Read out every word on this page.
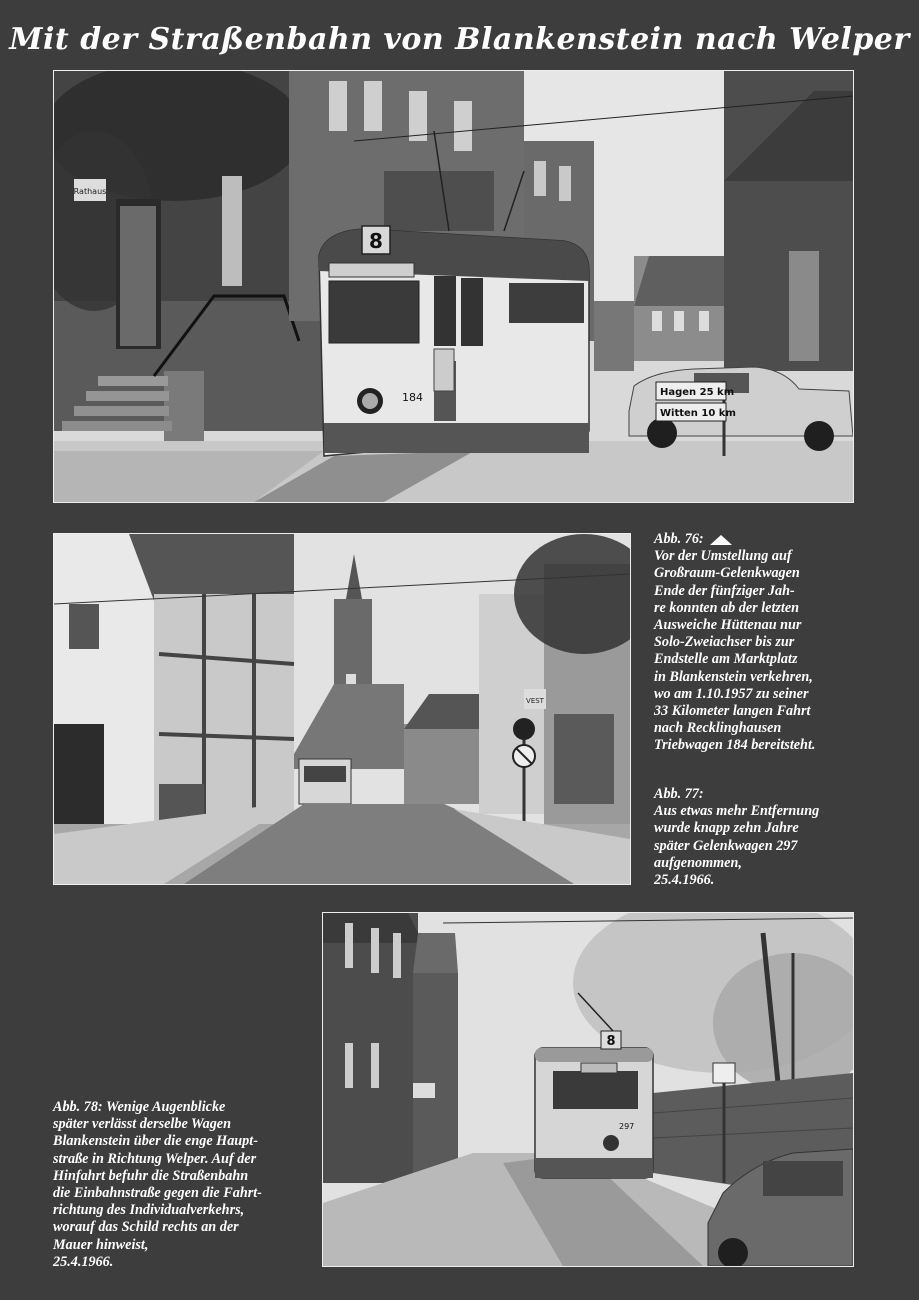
Mit der Straßenbahn von Blankenstein nach Welper
Rathaus
8
184	Hagen 25 km
Witten 10 km
VEST
Abb. 76:
Vor der Umstellung auf
Großraum-Gelenkwagen
Ende der fünfziger Jah-
re konnten ab der letzten
Ausweiche Hüttenau nur
Solo-Zweiachser bis zur
Endstelle am Marktplatz
in Blankenstein verkehren,
wo am 1.10.1957 zu seiner
33 Kilometer langen Fahrt
nach Recklinghausen
Triebwagen 184 bereitsteht.
Abb. 77:
Aus etwas mehr Entfernung
wurde knapp zehn Jahre
später Gelenkwagen 297
aufgenommen,
25.4.1966.
Abb. 78: Wenige Augenblicke
später verlässt derselbe Wagen
Blankenstein über die enge Haupt-
straße in Richtung Welper. Auf der
Hinfahrt befuhr die Straßenbahn
die Einbahnstraße gegen die Fahrt-
richtung des Individualverkehrs,
worauf das Schild rechts an der
Mauer hinweist,
25.4.1966.
8
297
